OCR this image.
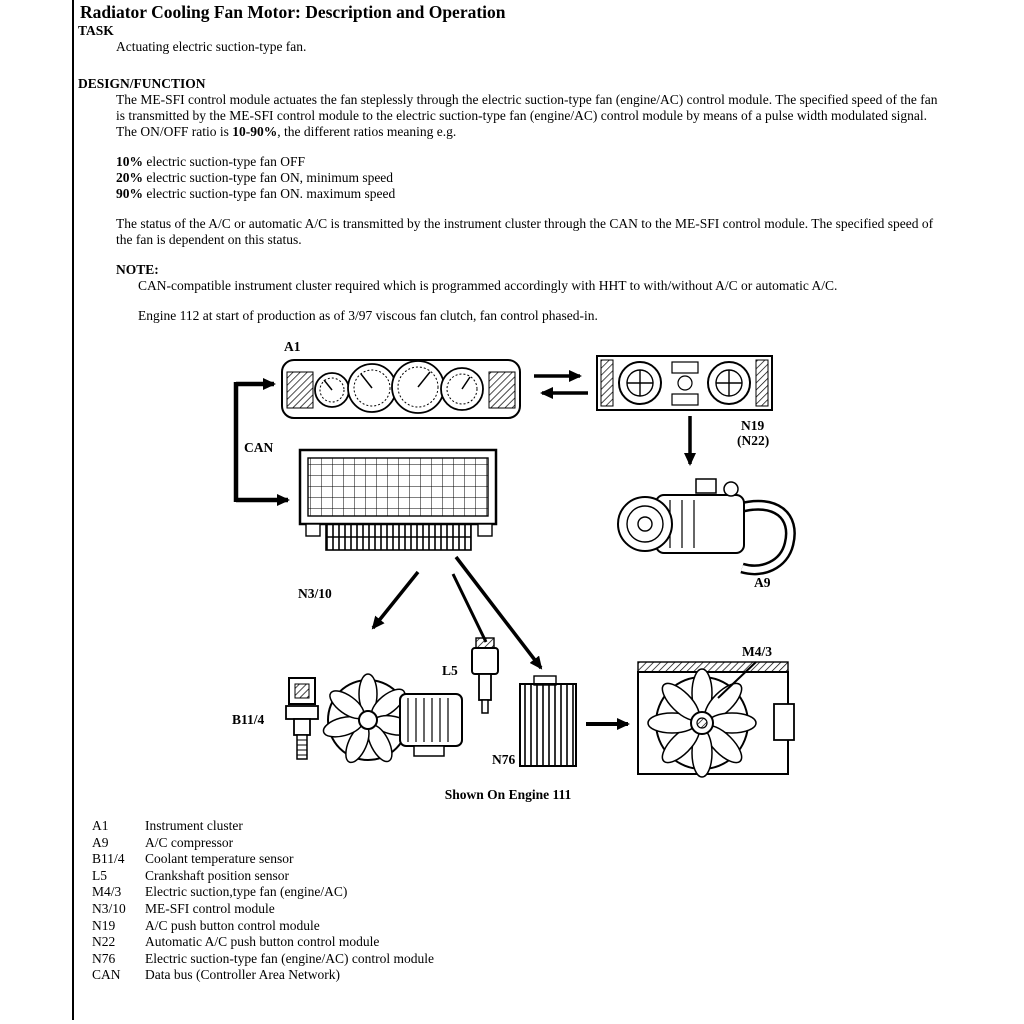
Radiator Cooling Fan Motor: Description and Operation
TASK
Actuating electric suction-type fan.
DESIGN/FUNCTION
The ME-SFI control module actuates the fan steplessly through the electric suction-type fan (engine/AC) control module. The specified speed of the fan is transmitted by the ME-SFI control module to the electric suction-type fan (engine/AC) control module by means of a pulse width modulated signal. The ON/OFF ratio is 10-90%, the different ratios meaning e.g.
10% electric suction-type fan OFF
20% electric suction-type fan ON, minimum speed
90% electric suction-type fan ON. maximum speed
The status of the A/C or automatic A/C is transmitted by the instrument cluster through the CAN to the ME-SFI control module. The specified speed of the fan is dependent on this status.
NOTE:
CAN-compatible instrument cluster required which is programmed accordingly with HHT to with/without A/C or automatic A/C.
Engine 112 at start of production as of 3/97 viscous fan clutch, fan control phased-in.
A1
N19
(N22)
A9
CAN
N3/10
B11/4
L5
N76
M4/3
Shown On Engine 111
A1	Instrument cluster
A9	A/C compressor
B11/4 Coolant temperature sensor
L5	Crankshaft position sensor
M4/3 Electric suction,type fan (engine/AC)
N3/10 ME-SFI control module
N19 A/C push button control module
N22 Automatic A/C push button control module
N76 Electric suction-type fan (engine/AC) control module
CAN Data bus (Controller Area Network)
